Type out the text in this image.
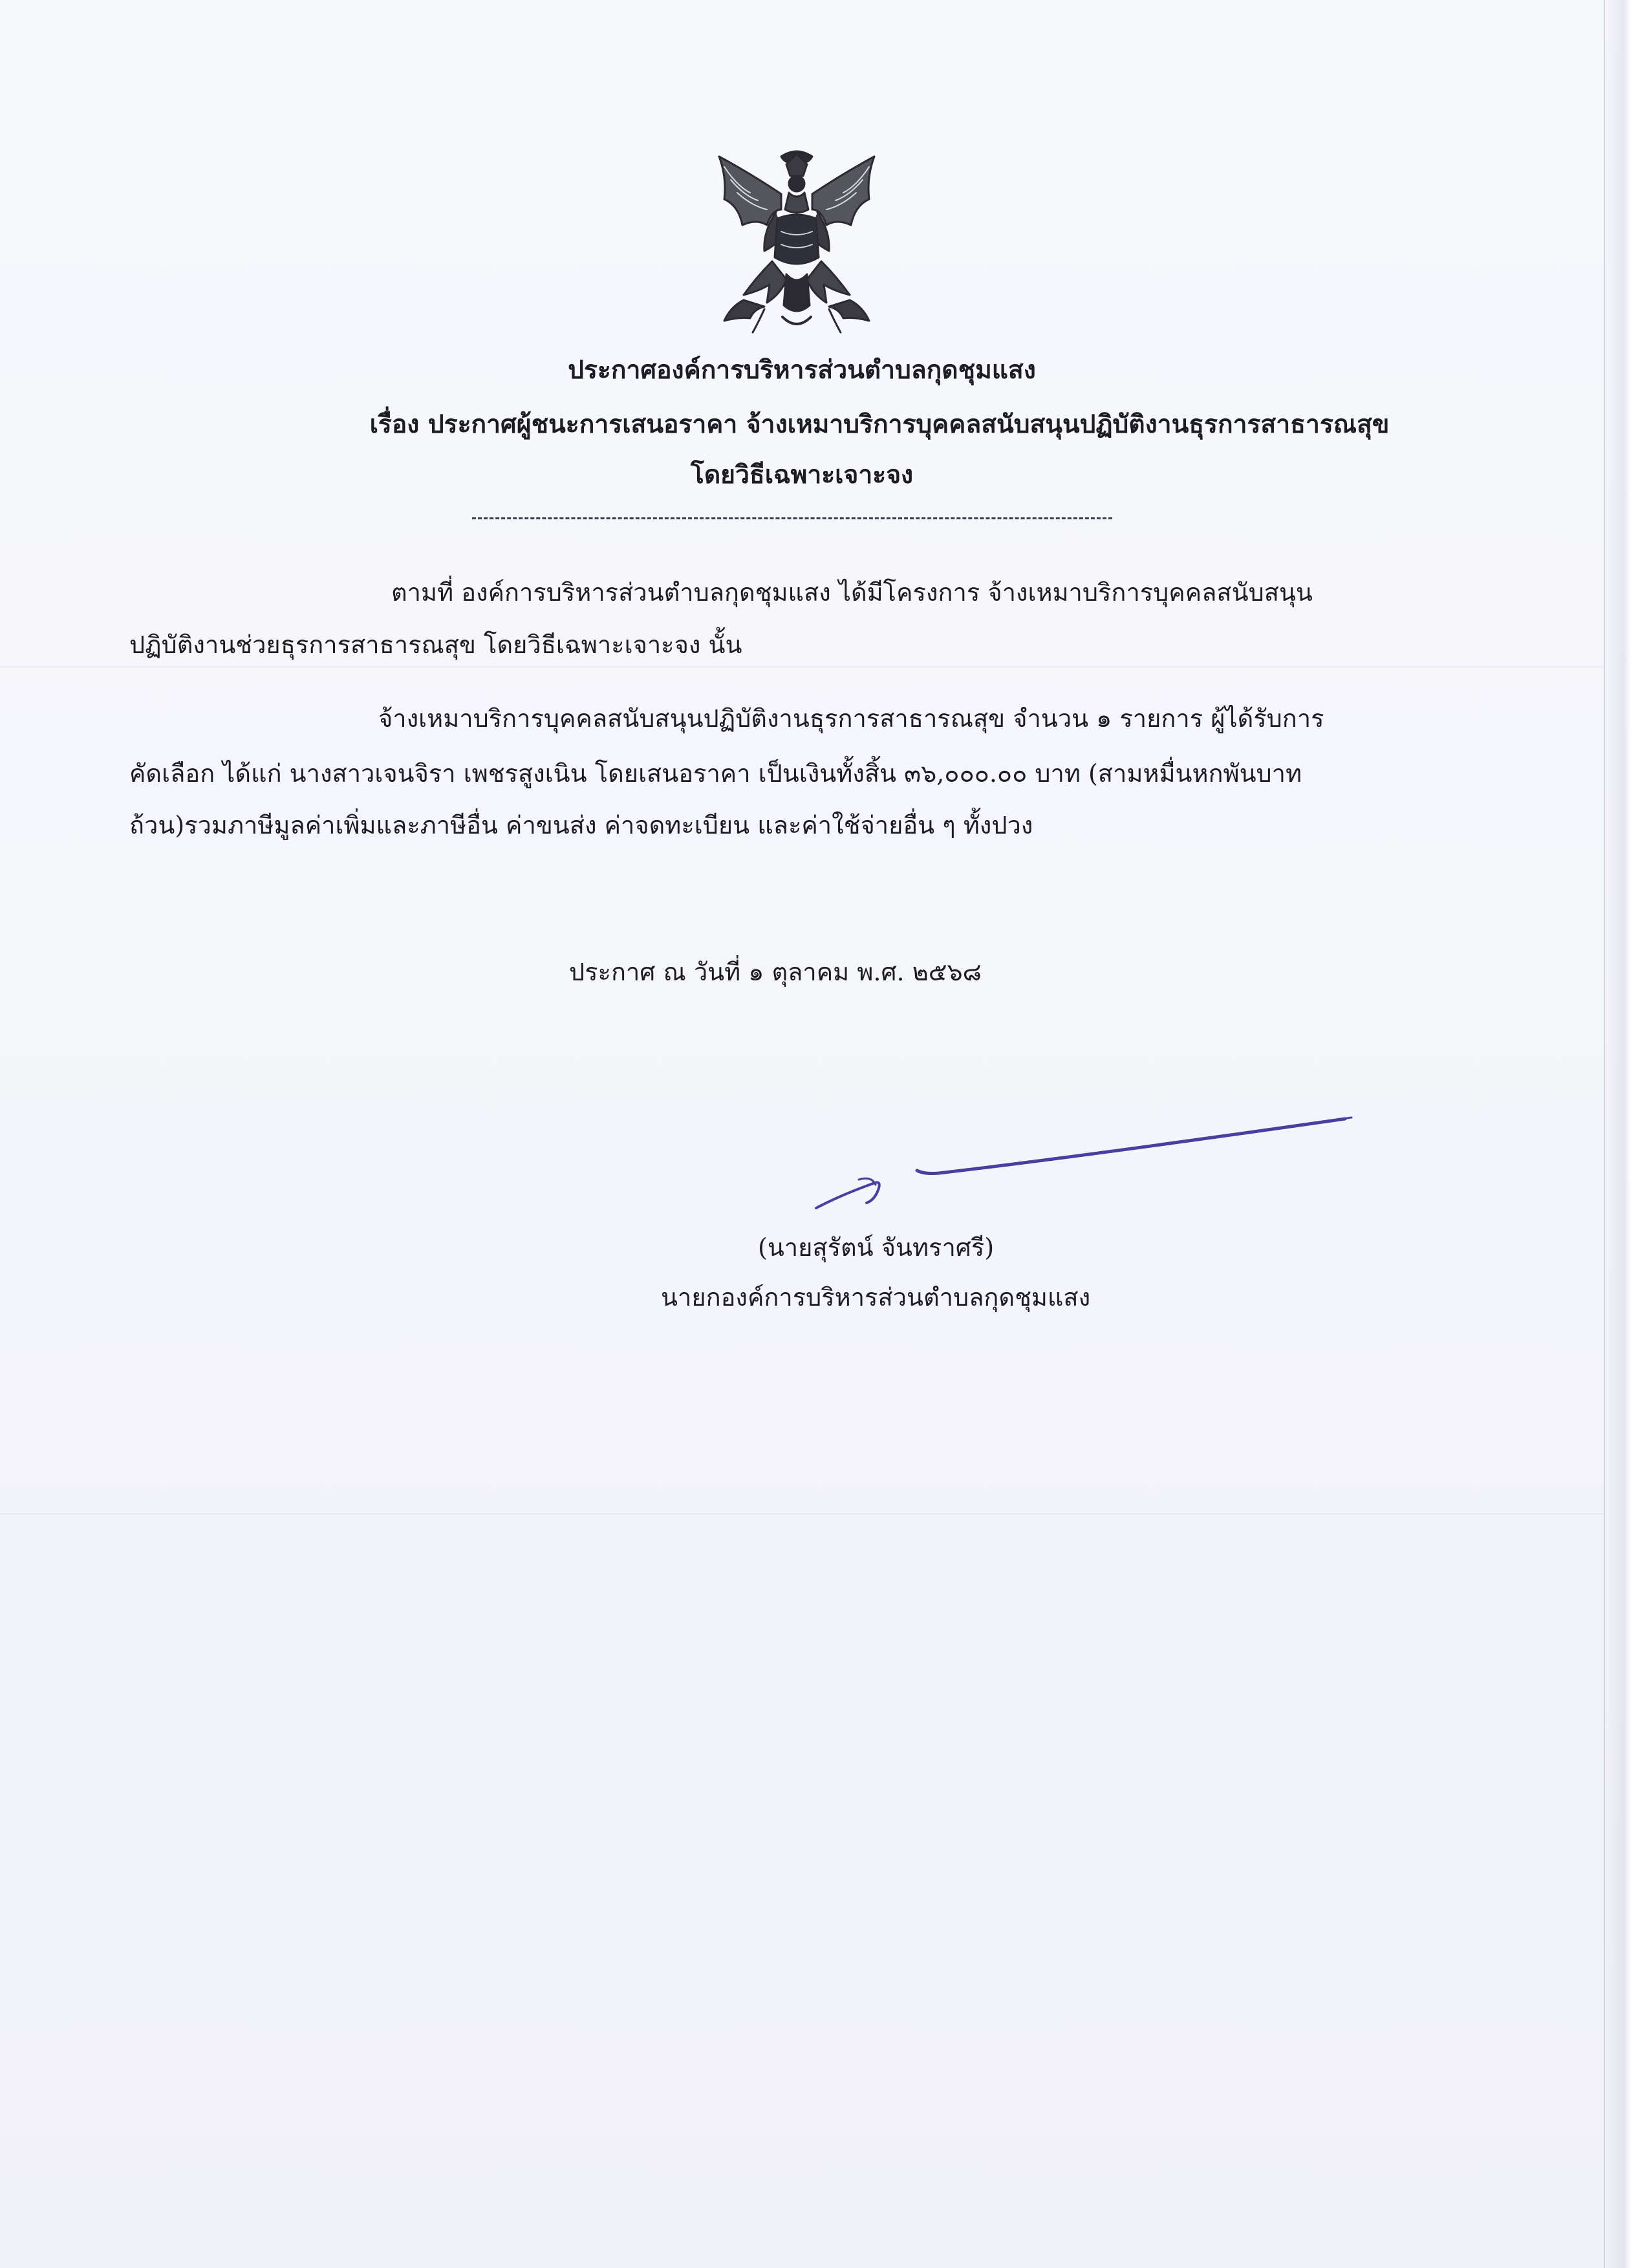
ประกาศองค์การบริหารส่วนตำบลกุดชุมแสง
เรื่อง ประกาศผู้ชนะการเสนอราคา จ้างเหมาบริการบุคคลสนับสนุนปฏิบัติงานธุรการสาธารณสุข
โดยวิธีเฉพาะเจาะจง
ตามที่ องค์การบริหารส่วนตำบลกุดชุมแสง ได้มีโครงการ จ้างเหมาบริการบุคคลสนับสนุน
ปฏิบัติงานช่วยธุรการสาธารณสุข โดยวิธีเฉพาะเจาะจง นั้น
จ้างเหมาบริการบุคคลสนับสนุนปฏิบัติงานธุรการสาธารณสุข จำนวน ๑ รายการ ผู้ได้รับการ
คัดเลือก ได้แก่ นางสาวเจนจิรา เพชรสูงเนิน โดยเสนอราคา เป็นเงินทั้งสิ้น ๓๖,๐๐๐.๐๐ บาท (สามหมื่นหกพันบาท
ถ้วน)รวมภาษีมูลค่าเพิ่มและภาษีอื่น ค่าขนส่ง ค่าจดทะเบียน และค่าใช้จ่ายอื่น ๆ ทั้งปวง
ประกาศ ณ วันที่ ๑ ตุลาคม พ.ศ. ๒๕๖๘
(นายสุรัตน์ จันทราศรี)
นายกองค์การบริหารส่วนตำบลกุดชุมแสง
